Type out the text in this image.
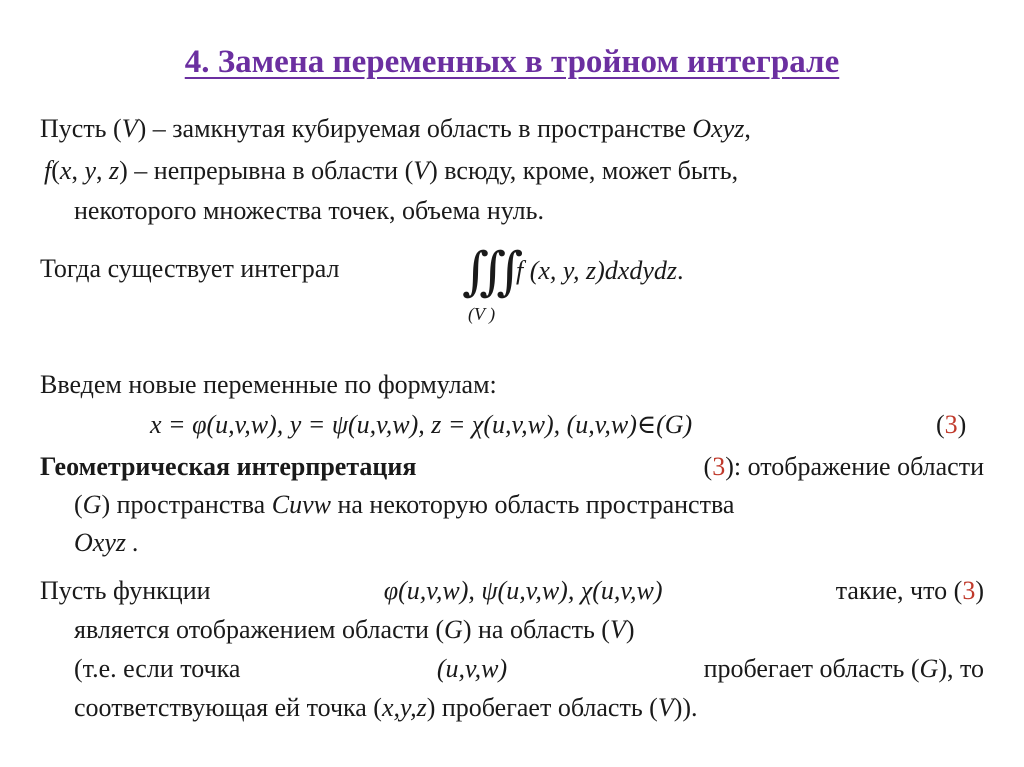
4. Замена переменных в тройном интеграле
Пусть (V) – замкнутая кубируемая область в пространстве Oxyz,
f(x, y, z) – непрерывна в области (V) всюду, кроме, может быть,
некоторого множества точек, объема нуль.
Тогда существует интеграл ∭ f (x, y, z)dxdydz.
(V )
Введем новые переменные по формулам:
x = φ(u,v,w), y = ψ(u,v,w), z = χ(u,v,w), (u,v,w)∈(G)	(3)
Геометрическая интерпретация	(3): отображение области
(G) пространства Cuvw на некоторую область пространства
Oxyz .
Пусть функции	φ(u,v,w), ψ(u,v,w), χ(u,v,w)	такие, что (3)
является отображением области (G) на область (V)
(т.е. если точка	(u,v,w)	пробегает область (G), то
соответствующая ей точка (x,y,z) пробегает область (V)).
